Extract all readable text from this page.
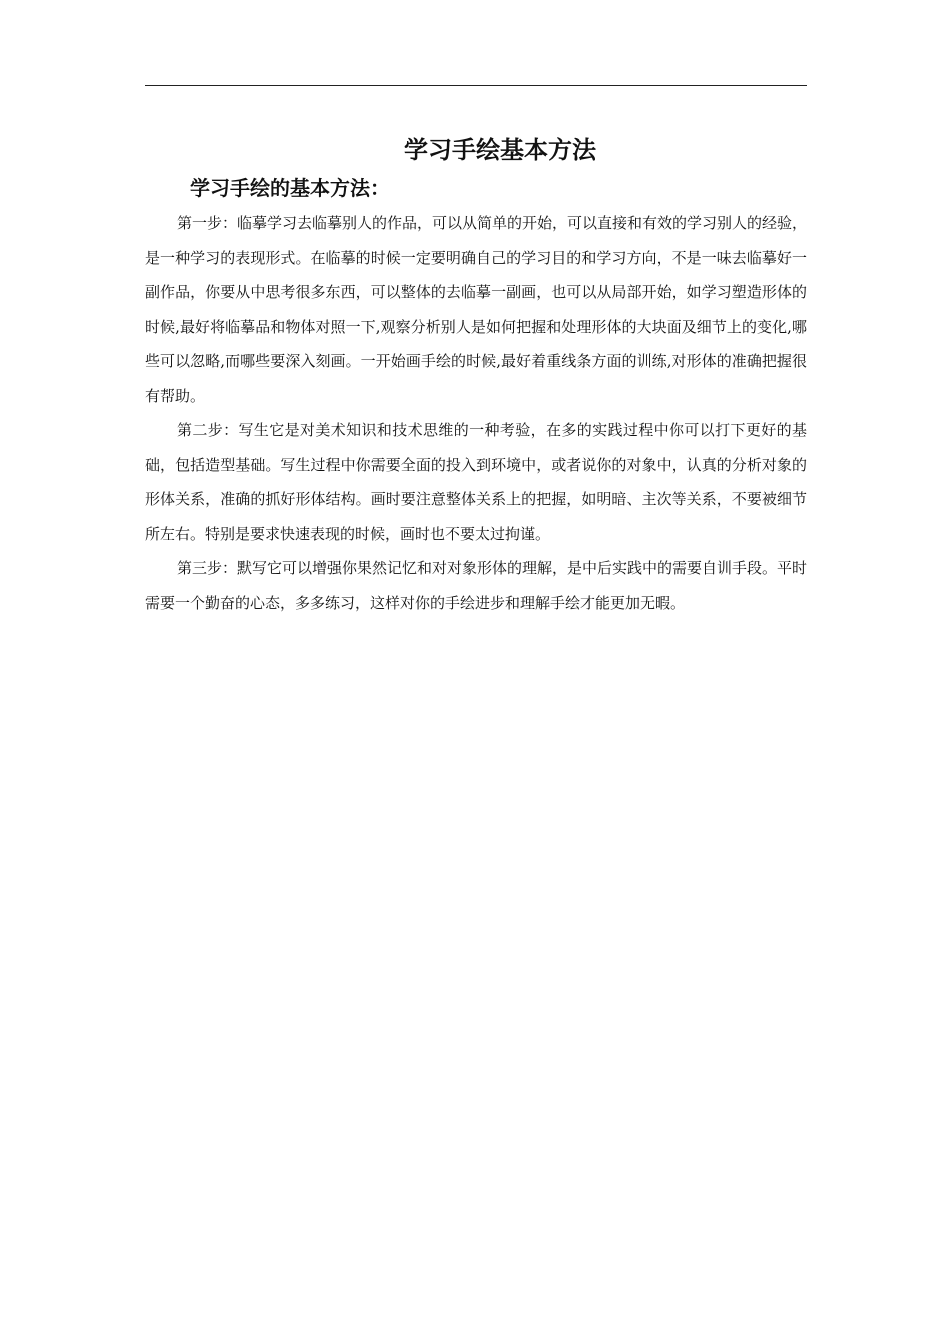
学习手绘基本方法
学习手绘的基本方法：

第一步：临摹学习去临摹别人的作品，可以从简单的开始，可以直接和有效的学习别人的经验，是一种学习的表现形式。在临摹的时候一定要明确自己的学习目的和学习方向，不是一味去临摹好一副作品，你要从中思考很多东西，可以整体的去临摹一副画，也可以从局部开始，如学习塑造形体的时候,最好将临摹品和物体对照一下,观察分析别人是如何把握和处理形体的大块面及细节上的变化,哪些可以忽略,而哪些要深入刻画。一开始画手绘的时候,最好着重线条方面的训练,对形体的准确把握很有帮助。

第二步：写生它是对美术知识和技术思维的一种考验，在多的实践过程中你可以打下更好的基础，包括造型基础。写生过程中你需要全面的投入到环境中，或者说你的对象中，认真的分析对象的形体关系，准确的抓好形体结构。画时要注意整体关系上的把握，如明暗、主次等关系，不要被细节所左右。特别是要求快速表现的时候，画时也不要太过拘谨。

第三步：默写它可以增强你果然记忆和对对象形体的理解，是中后实践中的需要自训手段。平时需要一个勤奋的心态，多多练习，这样对你的手绘进步和理解手绘才能更加无暇。
